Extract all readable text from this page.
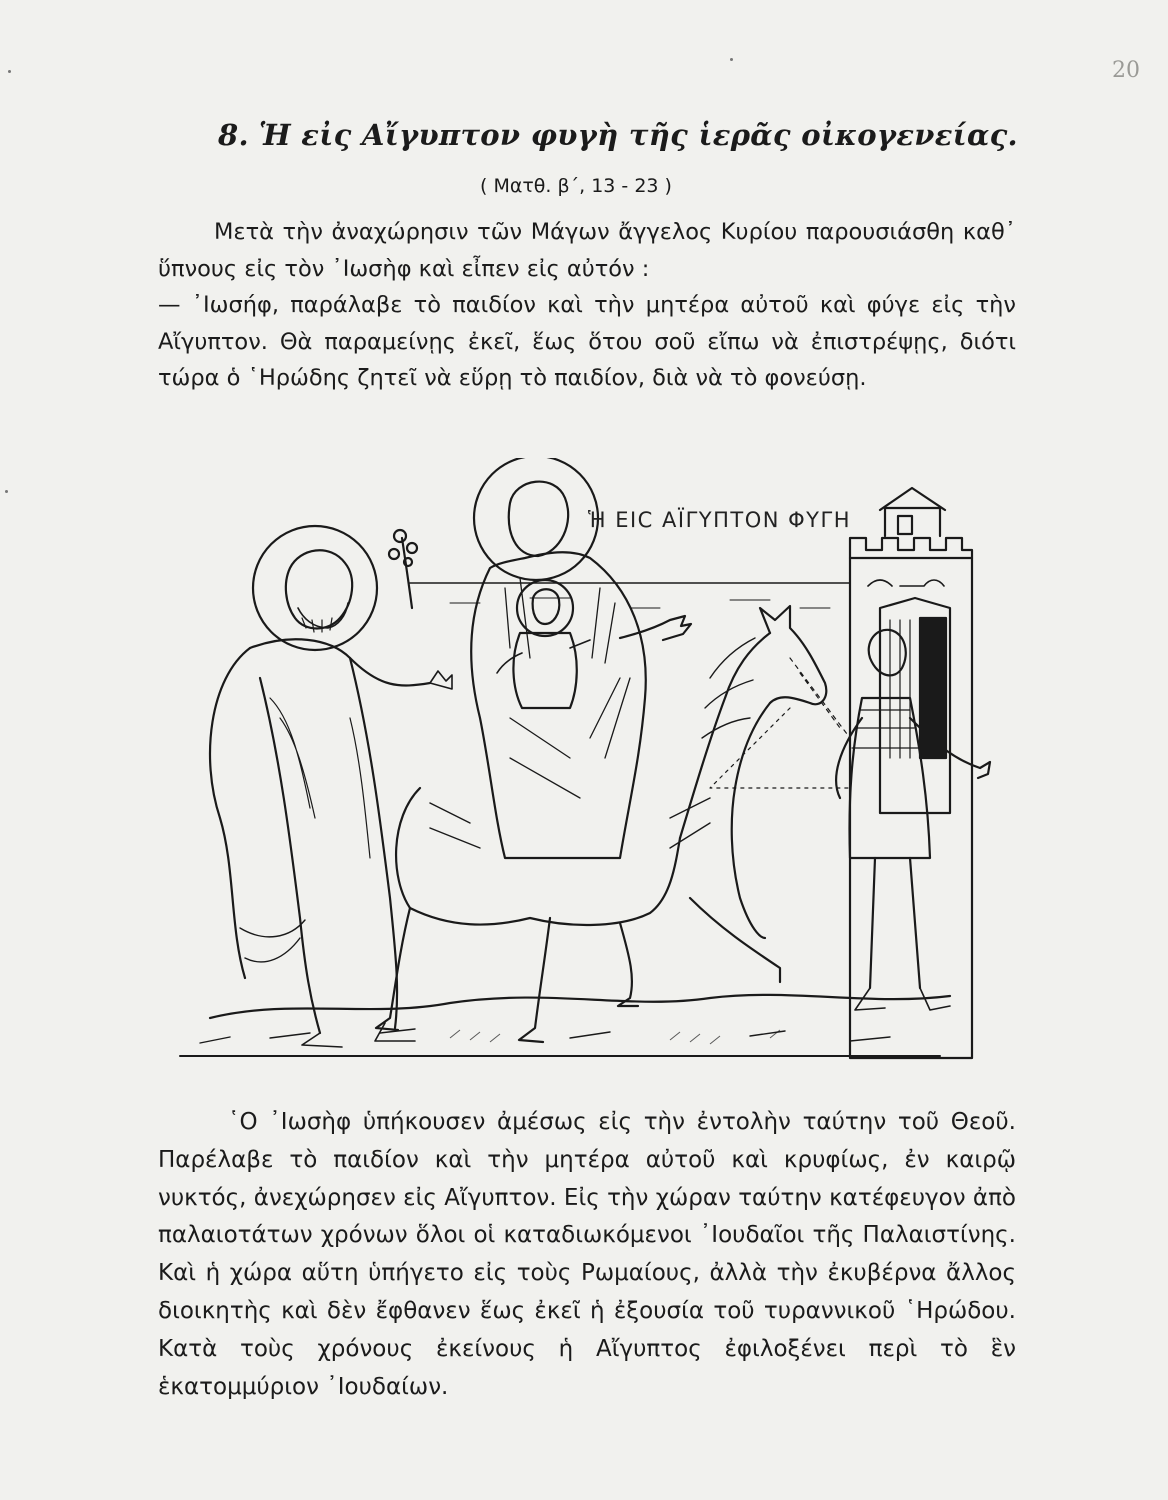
20
8. Ἡ εἰς Αἴγυπτον φυγὴ τῆς ἱερᾶς οἰκογενείας.
( Ματθ. β΄, 13 - 23 )

Μετὰ τὴν ἀναχώρησιν τῶν Μάγων ἄγγελος Κυρίου παρουσιάσθη καθ᾿ ὕπνους εἰς τὸν ᾿Ιωσὴφ καὶ εἶπεν εἰς αὐτόν :

— ᾿Ιωσήφ, παράλαβε τὸ παιδίον καὶ τὴν μητέρα αὐτοῦ καὶ φύγε εἰς τὴν Αἴγυπτον. Θὰ παραμείνῃς ἐκεῖ, ἕως ὅτου σοῦ εἴπω νὰ ἐπιστρέψῃς, διότι τώρα ὁ ῾Ηρώδης ζητεῖ νὰ εὕρῃ τὸ παιδίον, διὰ νὰ τὸ φονεύσῃ.

Ἡ ΕΙϹ ΑΪΓΥΠΤΟΝ ΦΥΓΗ

῾Ο ᾿Ιωσὴφ ὑπήκουσεν ἀμέσως εἰς τὴν ἐντολὴν ταύτην τοῦ Θεοῦ. Παρέλαβε τὸ παιδίον καὶ τὴν μητέρα αὐτοῦ καὶ κρυφίως, ἐν καιρῷ νυκτός, ἀνεχώρησεν εἰς Αἴγυπτον. Εἰς τὴν χώραν ταύτην κατέφευγον ἀπὸ παλαιοτάτων χρόνων ὅλοι οἱ καταδιωκόμενοι ᾿Ιουδαῖοι τῆς Παλαιστίνης. Καὶ ἡ χώρα αὕτη ὑπήγετο εἰς τοὺς Ρωμαίους, ἀλλὰ τὴν ἐκυβέρνα ἄλλος διοικητὴς καὶ δὲν ἔφθανεν ἕως ἐκεῖ ἡ ἐξουσία τοῦ τυραννικοῦ ῾Ηρώδου. Κατὰ τοὺς χρόνους ἐκείνους ἡ Αἴγυπτος ἐφιλοξένει περὶ τὸ ἓν ἑκατομμύριον ᾿Ιουδαίων.
